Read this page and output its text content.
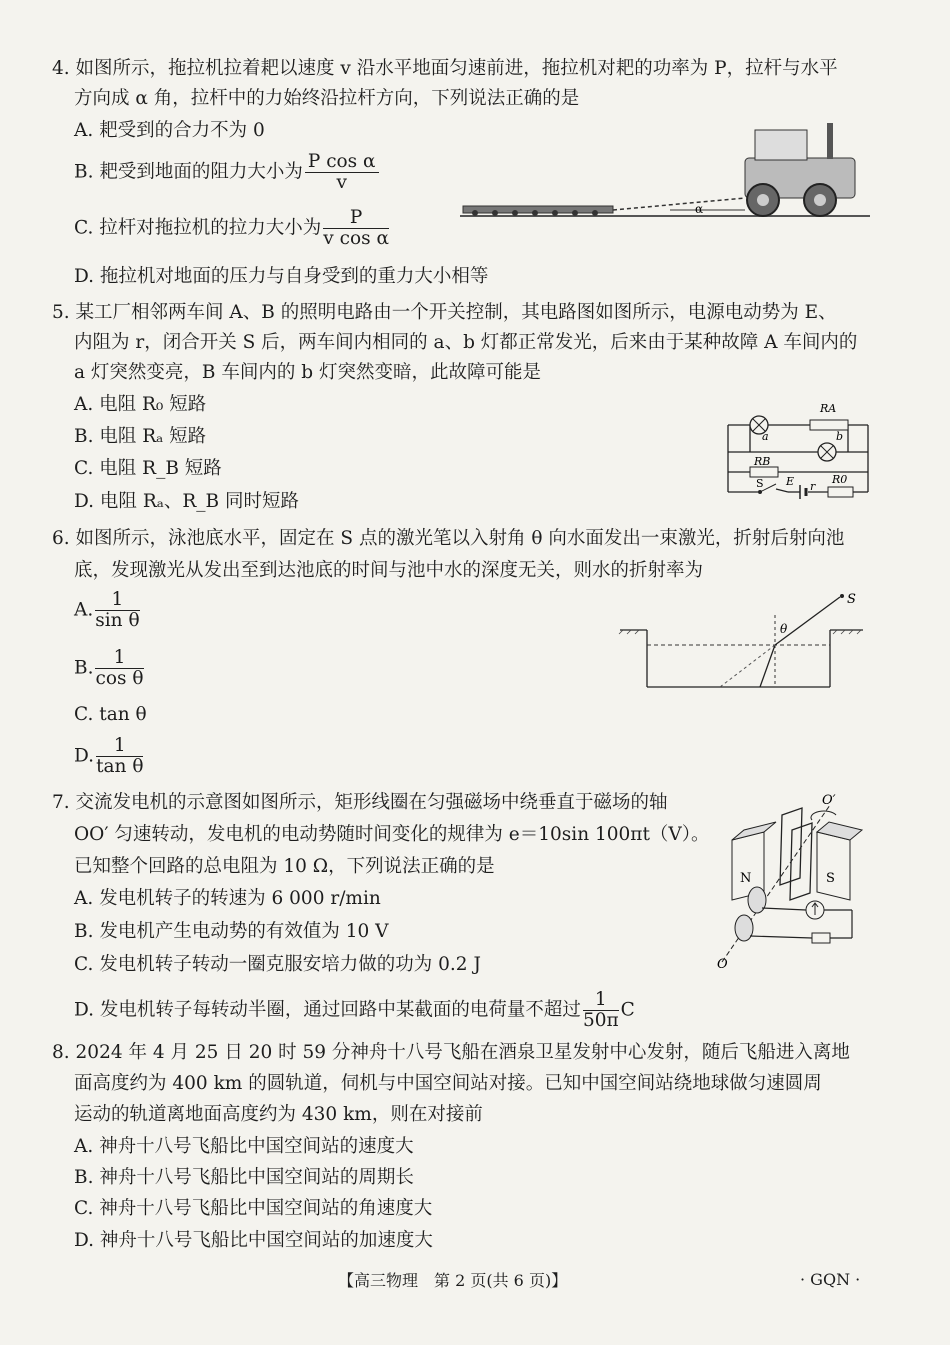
4. 如图所示，拖拉机拉着耙以速度 v 沿水平地面匀速前进，拖拉机对耙的功率为 P，拉杆与水平
方向成 α 角，拉杆中的力始终沿拉杆方向，下列说法正确的是
A. 耙受到的合力不为 0
B. 耙受到地面的阻力大小为 $\frac{\text{P cos α}}{v}$
C. 拉杆对拖拉机的拉力大小为 $\frac{P}{\text{v cos α}}$
D. 拖拉机对地面的压力与自身受到的重力大小相等
α
5. 某工厂相邻两车间 A、B 的照明电路由一个开关控制，其电路图如图所示，电源电动势为 E、
内阻为 r，闭合开关 S 后，两车间内相同的 a、b 灯都正常发光，后来由于某种故障 A 车间内的
a 灯突然变亮，B 车间内的 b 灯突然变暗，此故障可能是
A. 电阻 R₀ 短路
B. 电阻 Rₐ 短路
C. 电阻 R_B 短路
D. 电阻 Rₐ、R_B 同时短路
RA
a	b
RB
S E r
R0
6. 如图所示，泳池底水平，固定在 S 点的激光笔以入射角 θ 向水面发出一束激光，折射后射向池
底，发现激光从发出至到达池底的时间与池中水的深度无关，则水的折射率为
A. $\frac{1}{\text{sin θ}}$
B. $\frac{1}{\text{cos θ}}$
C. tan θ
D. $\frac{1}{\text{tan θ}}$
S
θ
7. 交流发电机的示意图如图所示，矩形线圈在匀强磁场中绕垂直于磁场的轴
OO′ 匀速转动，发电机的电动势随时间变化的规律为 e＝10sin 100πt（V）。
已知整个回路的总电阻为 10 Ω，下列说法正确的是
A. 发电机转子的转速为 6 000 r/min
B. 发电机产生电动势的有效值为 10 V
C. 发电机转子转动一圈克服安培力做的功为 0.2 J
D. 发电机转子每转动半圈，通过回路中某截面的电荷量不超过 $\frac{1}{50\pi}$ C
N	S
O′
O
8. 2024 年 4 月 25 日 20 时 59 分神舟十八号飞船在酒泉卫星发射中心发射，随后飞船进入离地
面高度约为 400 km 的圆轨道，伺机与中国空间站对接。已知中国空间站绕地球做匀速圆周
运动的轨道离地面高度约为 430 km，则在对接前
A. 神舟十八号飞船比中国空间站的速度大
B. 神舟十八号飞船比中国空间站的周期长
C. 神舟十八号飞船比中国空间站的角速度大
D. 神舟十八号飞船比中国空间站的加速度大
【高三物理　第 2 页(共 6 页)】	· GQN ·
